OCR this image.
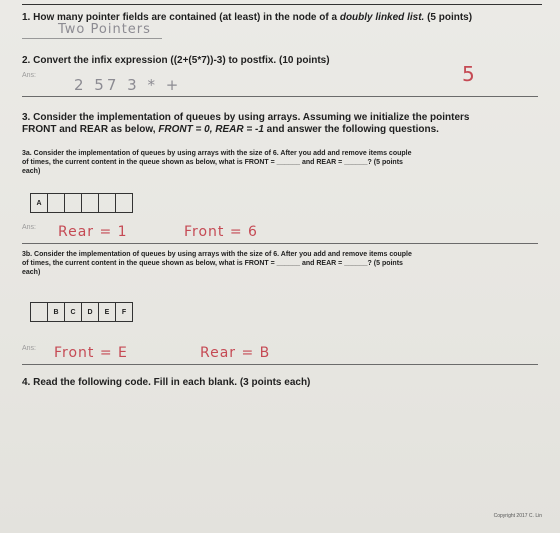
1. How many pointer fields are contained (at least) in the node of a doubly linked list. (5 points)
Two Pointers
2. Convert the infix expression ((2+(5*7))-3) to postfix. (10 points)
Ans:	5
2 57 3 * +
3. Consider the implementation of queues by using arrays. Assuming we initialize the pointers
FRONT and REAR as below, FRONT = 0, REAR = -1 and answer the following questions.
3a. Consider the implementation of queues by using arrays with the size of 6. After you add and remove items couple
of times, the current content in the queue shown as below, what is FRONT = ______ and REAR = ______? (5 points
each)
A
Ans: Rear = 1	Front = 6
3b. Consider the implementation of queues by using arrays with the size of 6. After you add and remove items couple
of times, the current content in the queue shown as below, what is FRONT = ______ and REAR = ______? (5 points
each)
B	C	D	E	F
Ans: Front = E	Rear = B
4. Read the following code. Fill in each blank. (3 points each)
Copyright 2017 C. Lin
